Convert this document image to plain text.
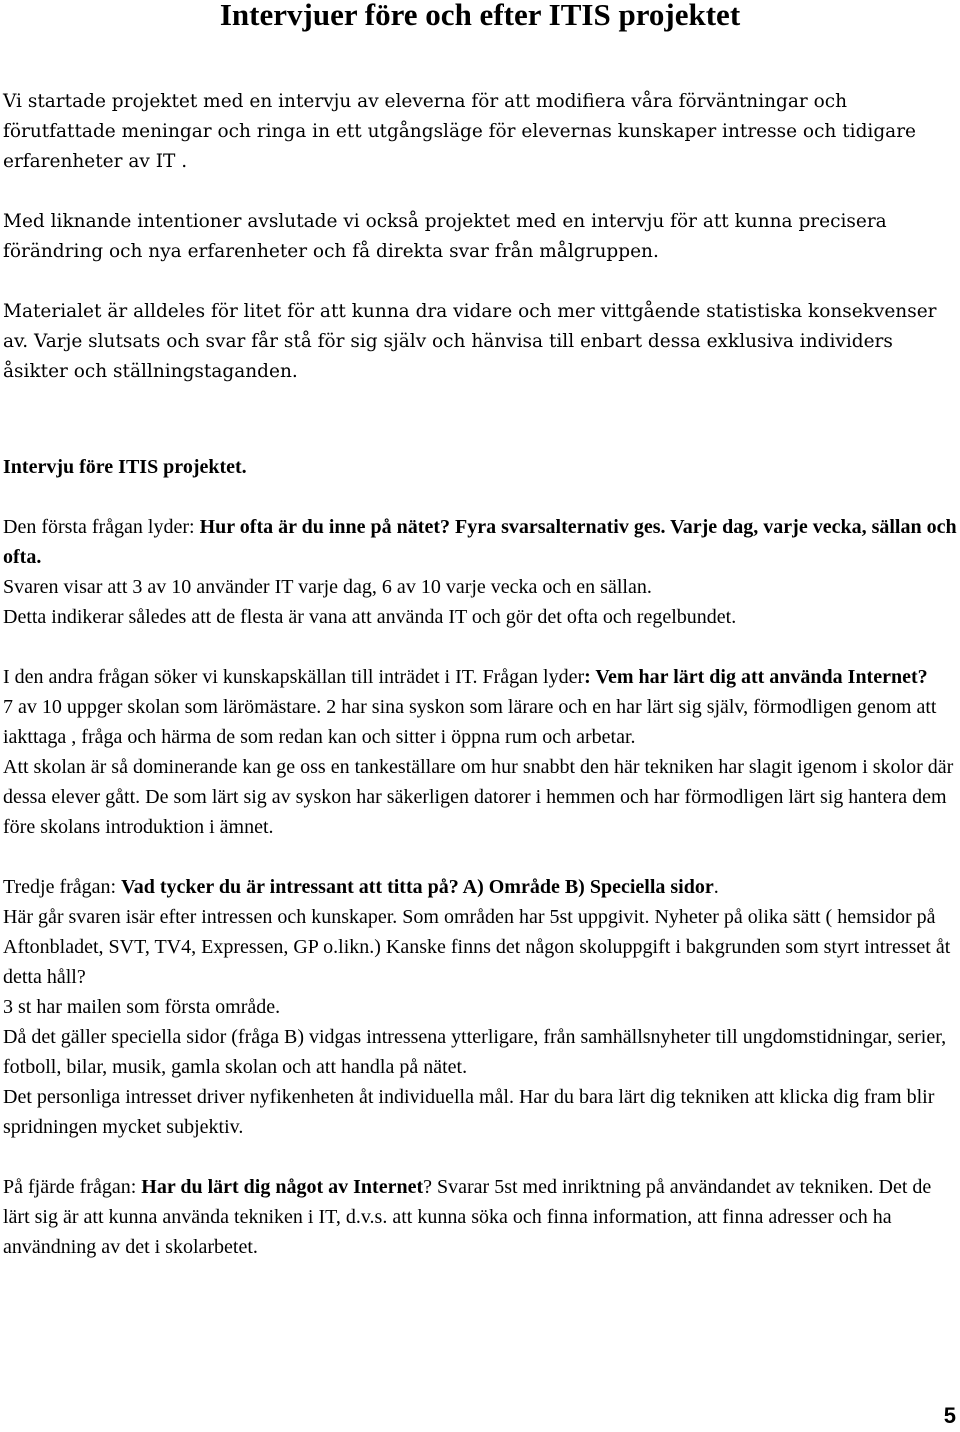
Intervjuer före och efter ITIS projektet

Vi startade projektet med en intervju av eleverna för att modifiera våra förväntningar och förutfattade meningar och ringa in ett utgångsläge för elevernas kunskaper intresse och tidigare erfarenheter av IT .

Med liknande intentioner avslutade vi också projektet med en intervju för att kunna precisera förändring och nya erfarenheter och få direkta svar från målgruppen.

Materialet är alldeles för litet för att kunna dra vidare och mer vittgående statistiska konsekvenser av. Varje slutsats och svar får stå för sig själv och hänvisa till enbart dessa exklusiva individers åsikter och ställningstaganden.

Intervju före ITIS projektet.

Den första frågan lyder: Hur ofta är du inne på nätet? Fyra svarsalternativ ges. Varje dag, varje vecka, sällan och ofta.

Svaren visar att 3 av 10 använder IT varje dag, 6 av 10 varje vecka och en sällan.

Detta indikerar således att de flesta är vana att använda IT och gör det ofta och regelbundet.

I den andra frågan söker vi kunskapskällan till inträdet i IT. Frågan lyder: Vem har lärt dig att använda Internet?

7 av 10 uppger skolan som lärömästare. 2 har sina syskon som lärare och en har lärt sig själv, förmodligen genom att iakttaga , fråga och härma de som redan kan och sitter i öppna rum och arbetar.

Att skolan är så dominerande kan ge oss en tankeställare om hur snabbt den här tekniken har slagit igenom i skolor där dessa elever gått. De som lärt sig av syskon har säkerligen datorer i hemmen och har förmodligen lärt sig hantera dem före skolans introduktion i ämnet.

Tredje frågan: Vad tycker du är intressant att titta på? A) Område B) Speciella sidor.

Här går svaren isär efter intressen och kunskaper. Som områden har 5st uppgivit. Nyheter på olika sätt ( hemsidor på Aftonbladet, SVT, TV4, Expressen, GP o.likn.) Kanske finns det någon skoluppgift i bakgrunden som styrt intresset åt detta håll?

3 st har mailen som första område.

Då det gäller speciella sidor (fråga B) vidgas intressena ytterligare, från samhällsnyheter till ungdomstidningar, serier, fotboll, bilar, musik, gamla skolan och att handla på nätet.

Det personliga intresset driver nyfikenheten åt individuella mål. Har du bara lärt dig tekniken att klicka dig fram blir spridningen mycket subjektiv.

På fjärde frågan: Har du lärt dig något av Internet? Svarar 5st med inriktning på användandet av tekniken. Det de lärt sig är att kunna använda tekniken i IT, d.v.s. att kunna söka och finna information, att finna adresser och ha användning av det i skolarbetet.

5
